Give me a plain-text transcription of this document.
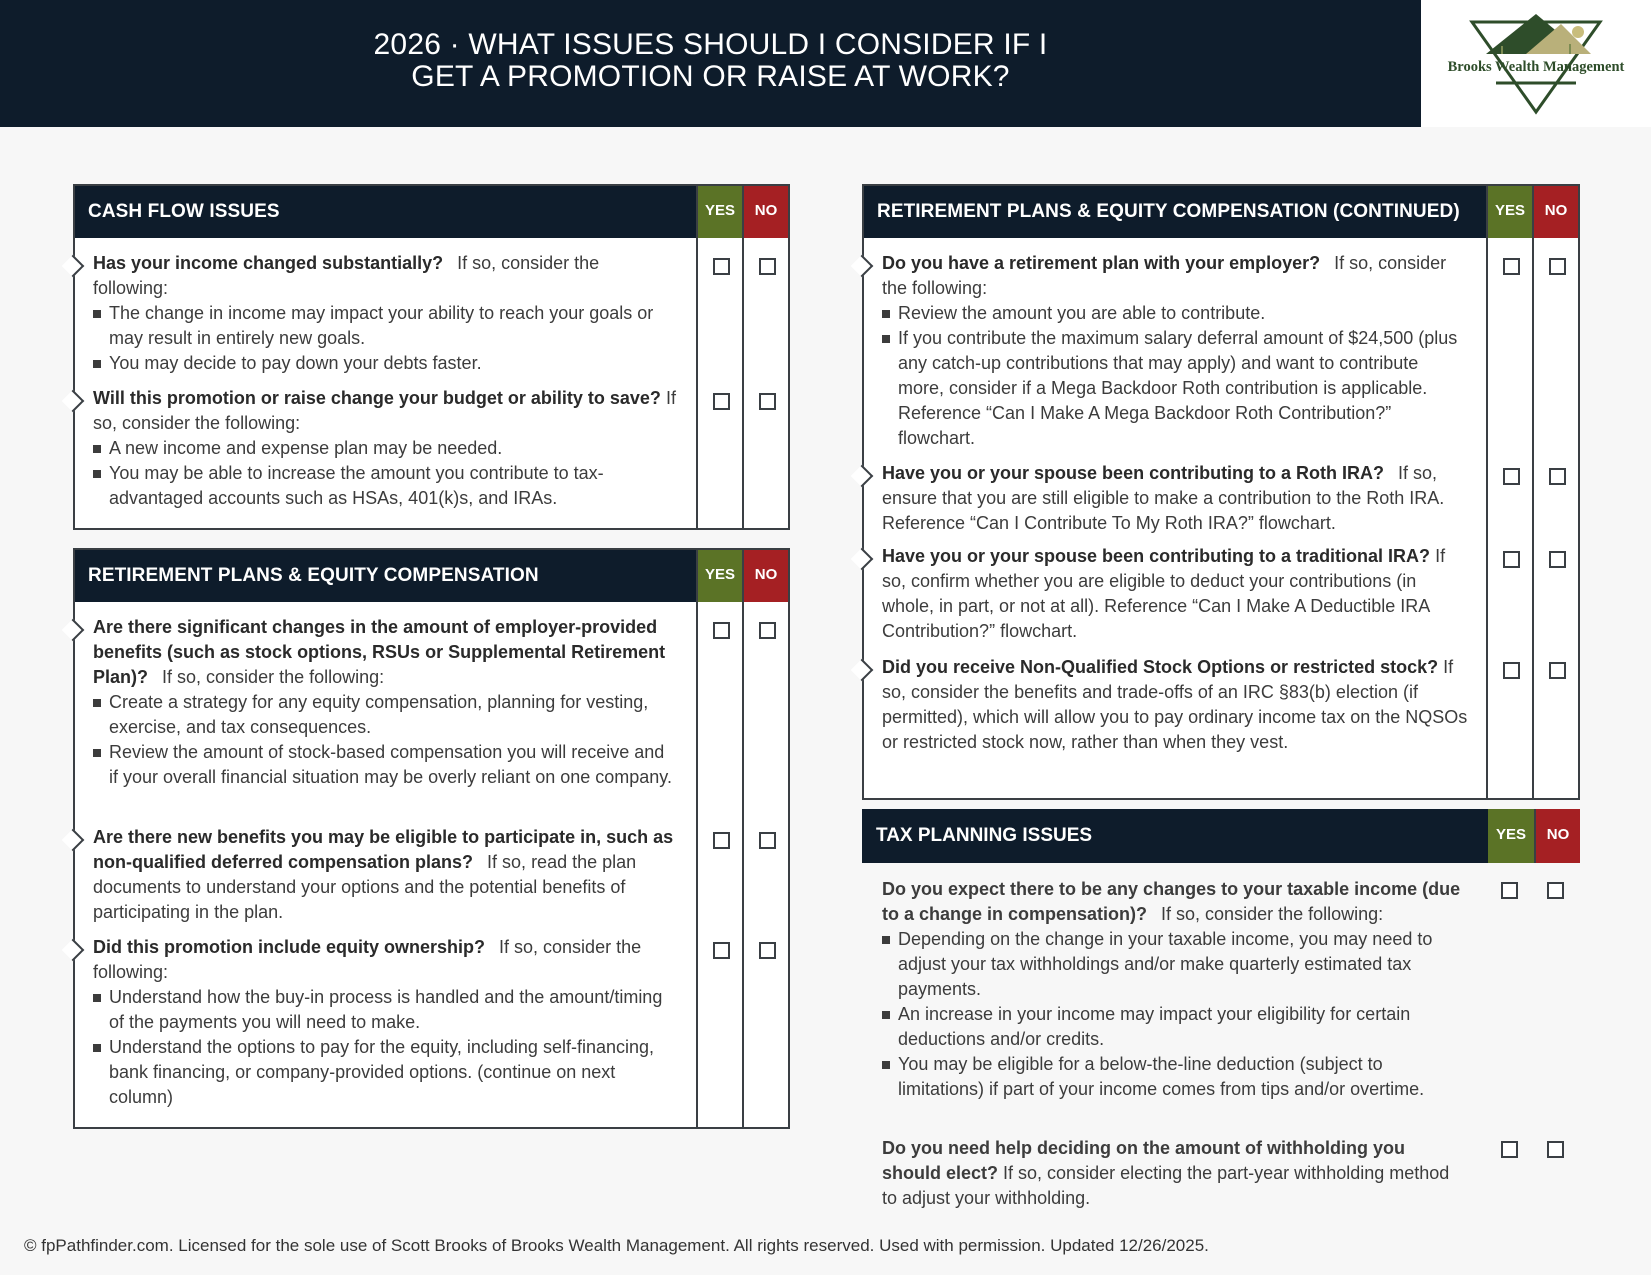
2026 · WHAT ISSUES SHOULD I CONSIDER IF I
GET A PROMOTION OR RAISE AT WORK?	Brooks Wealth Management
CASH FLOW ISSUES	YES	NO
Has your income changed substantially? If so, consider the following:
The change in income may impact your ability to reach your goals or may result in entirely new goals.
You may decide to pay down your debts faster.
Will this promotion or raise change your budget or ability to save? If so, consider the following:
A new income and expense plan may be needed.
You may be able to increase the amount you contribute to tax-advantaged accounts such as HSAs, 401(k)s, and IRAs.
RETIREMENT PLANS & EQUITY COMPENSATION	YES	NO
Are there significant changes in the amount of employer-provided benefits (such as stock options, RSUs or Supplemental Retirement Plan)? If so, consider the following:
Create a strategy for any equity compensation, planning for vesting, exercise, and tax consequences.
Review the amount of stock-based compensation you will receive and if your overall financial situation may be overly reliant on one company.
Are there new benefits you may be eligible to participate in, such as non-qualified deferred compensation plans? If so, read the plan documents to understand your options and the potential benefits of participating in the plan.
Did this promotion include equity ownership? If so, consider the following:
Understand how the buy-in process is handled and the amount/timing of the payments you will need to make.
Understand the options to pay for the equity, including self-financing, bank financing, or company-provided options. (continue on next column)
RETIREMENT PLANS & EQUITY COMPENSATION (CONTINUED)	YES	NO
Do you have a retirement plan with your employer? If so, consider the following:
Review the amount you are able to contribute.
If you contribute the maximum salary deferral amount of $24,500 (plus any catch-up contributions that may apply) and want to contribute more, consider if a Mega Backdoor Roth contribution is applicable. Reference “Can I Make A Mega Backdoor Roth Contribution?” flowchart.
Have you or your spouse been contributing to a Roth IRA? If so, ensure that you are still eligible to make a contribution to the Roth IRA. Reference “Can I Contribute To My Roth IRA?” flowchart.
Have you or your spouse been contributing to a traditional IRA? If so, confirm whether you are eligible to deduct your contributions (in whole, in part, or not at all). Reference “Can I Make A Deductible IRA Contribution?” flowchart.
Did you receive Non-Qualified Stock Options or restricted stock? If so, consider the benefits and trade-offs of an IRC §83(b) election (if permitted), which will allow you to pay ordinary income tax on the NQSOs or restricted stock now, rather than when they vest.
TAX PLANNING ISSUES	YES	NO
Do you expect there to be any changes to your taxable income (due to a change in compensation)? If so, consider the following:
Depending on the change in your taxable income, you may need to adjust your tax withholdings and/or make quarterly estimated tax payments.
An increase in your income may impact your eligibility for certain deductions and/or credits.
You may be eligible for a below-the-line deduction (subject to limitations) if part of your income comes from tips and/or overtime.
Do you need help deciding on the amount of withholding you should elect? If so, consider electing the part-year withholding method to adjust your withholding.
© fpPathfinder.com. Licensed for the sole use of Scott Brooks of Brooks Wealth Management. All rights reserved. Used with permission. Updated 12/26/2025.
